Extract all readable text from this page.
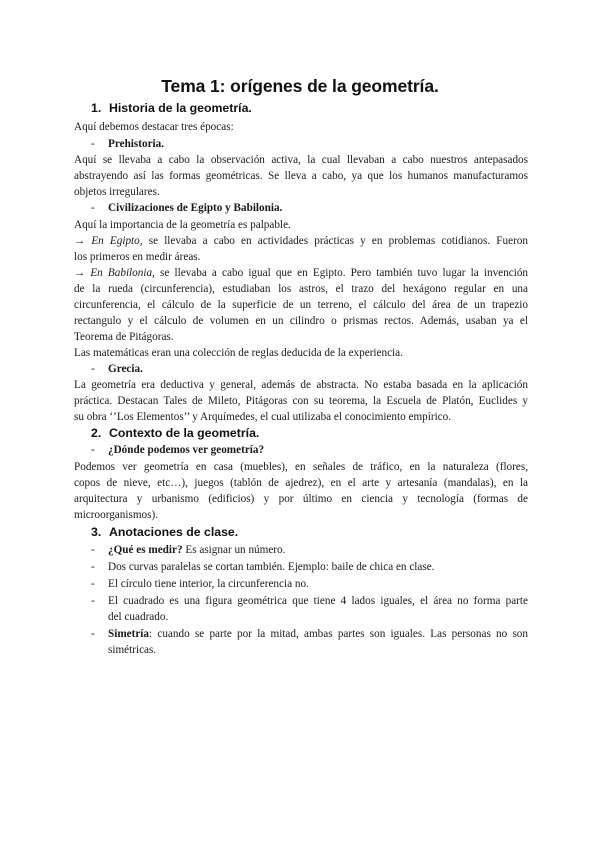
Tema 1: orígenes de la geometría.
1. Historia de la geometría.
Aquí debemos destacar tres épocas:
- Prehistoria.
Aquí se llevaba a cabo la observación activa, la cual llevaban a cabo nuestros antepasados
abstrayendo así las formas geométricas. Se lleva a cabo, ya que los humanos manufacturamos
objetos irregulares.
- Civilizaciones de Egipto y Babilonia.
Aquí la importancia de la geometría es palpable.
→ En Egipto, se llevaba a cabo en actividades prácticas y en problemas cotidianos. Fueron
los primeros en medir áreas.
→ En Babilonia, se llevaba a cabo igual que en Egipto. Pero también tuvo lugar la invención
de la rueda (circunferencia), estudiaban los astros, el trazo del hexágono regular en una
circunferencia, el cálculo de la superficie de un terreno, el cálculo del área de un trapezio
rectangulo y el cálculo de volumen en un cilindro o prismas rectos. Además, usaban ya el
Teorema de Pitágoras.
Las matemáticas eran una colección de reglas deducida de la experiencia.
- Grecia.
La geometría era deductiva y general, además de abstracta. No estaba basada en la aplicación
práctica. Destacan Tales de Mileto, Pitágoras con su teorema, la Escuela de Platón, Euclides y
su obra ‘’Los Elementos’’ y Arquímedes, el cual utilizaba el conocimiento empírico.
2. Contexto de la geometría.
- ¿Dónde podemos ver geometría?
Podemos ver geometría en casa (muebles), en señales de tráfico, en la naturaleza (flores,
copos de nieve, etc…), juegos (tablón de ajedrez), en el arte y artesanía (mandalas), en la
arquitectura y urbanismo (edificios) y por último en ciencia y tecnología (formas de
microorganismos).
3. Anotaciones de clase.
- ¿Qué es medir? Es asignar un número.
- Dos curvas paralelas se cortan también. Ejemplo: baile de chica en clase.
- El círculo tiene interior, la circunferencia no.
-	El cuadrado es una figura geométrica que tiene 4 lados iguales, el área no forma parte
del cuadrado.
-	Simetría: cuando se parte por la mitad, ambas partes son iguales. Las personas no son
simétricas.
